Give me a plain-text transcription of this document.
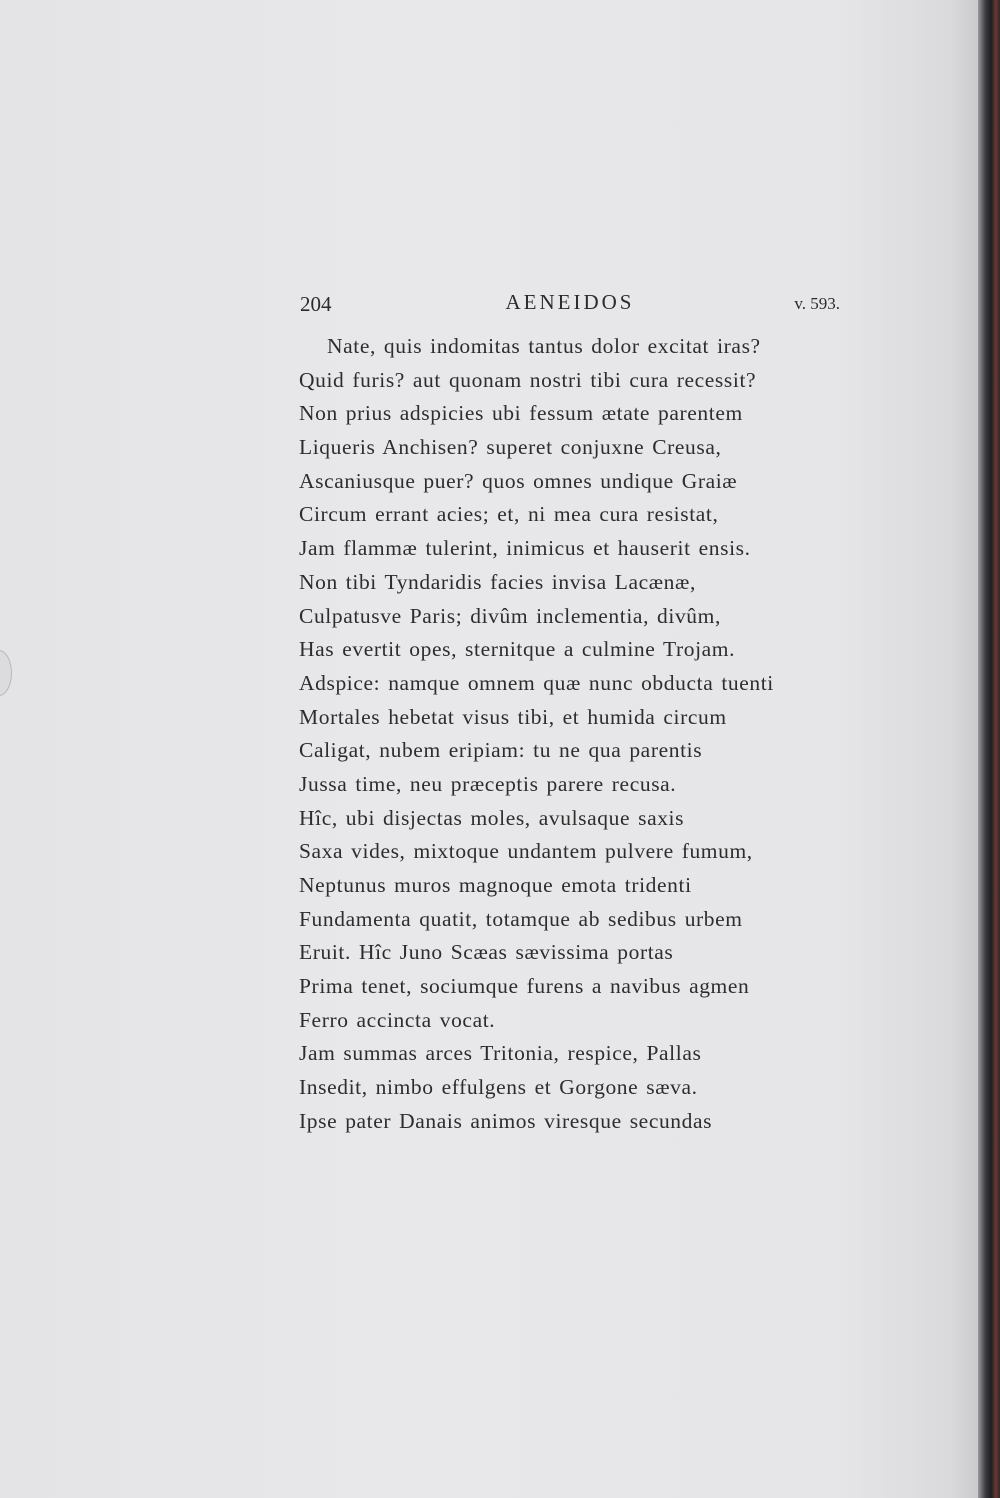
204	AENEIDOS	v. 593.
Nate, quis indomitas tantus dolor excitat iras?
Quid furis? aut quonam nostri tibi cura recessit?
Non prius adspicies ubi fessum ætate parentem
Liqueris Anchisen? superet conjuxne Creusa,
Ascaniusque puer? quos omnes undique Graiæ
Circum errant acies; et, ni mea cura resistat,
Jam flammæ tulerint, inimicus et hauserit ensis.
Non tibi Tyndaridis facies invisa Lacænæ,
Culpatusve Paris; divûm inclementia, divûm,
Has evertit opes, sternitque a culmine Trojam.
Adspice: namque omnem quæ nunc obducta tuenti
Mortales hebetat visus tibi, et humida circum
Caligat, nubem eripiam: tu ne qua parentis
Jussa time, neu præceptis parere recusa.
Hîc, ubi disjectas moles, avulsaque saxis
Saxa vides, mixtoque undantem pulvere fumum,
Neptunus muros magnoque emota tridenti
Fundamenta quatit, totamque ab sedibus urbem
Eruit. Hîc Juno Scæas sævissima portas
Prima tenet, sociumque furens a navibus agmen
Ferro accincta vocat.
Jam summas arces Tritonia, respice, Pallas
Insedit, nimbo effulgens et Gorgone sæva.
Ipse pater Danais animos viresque secundas
